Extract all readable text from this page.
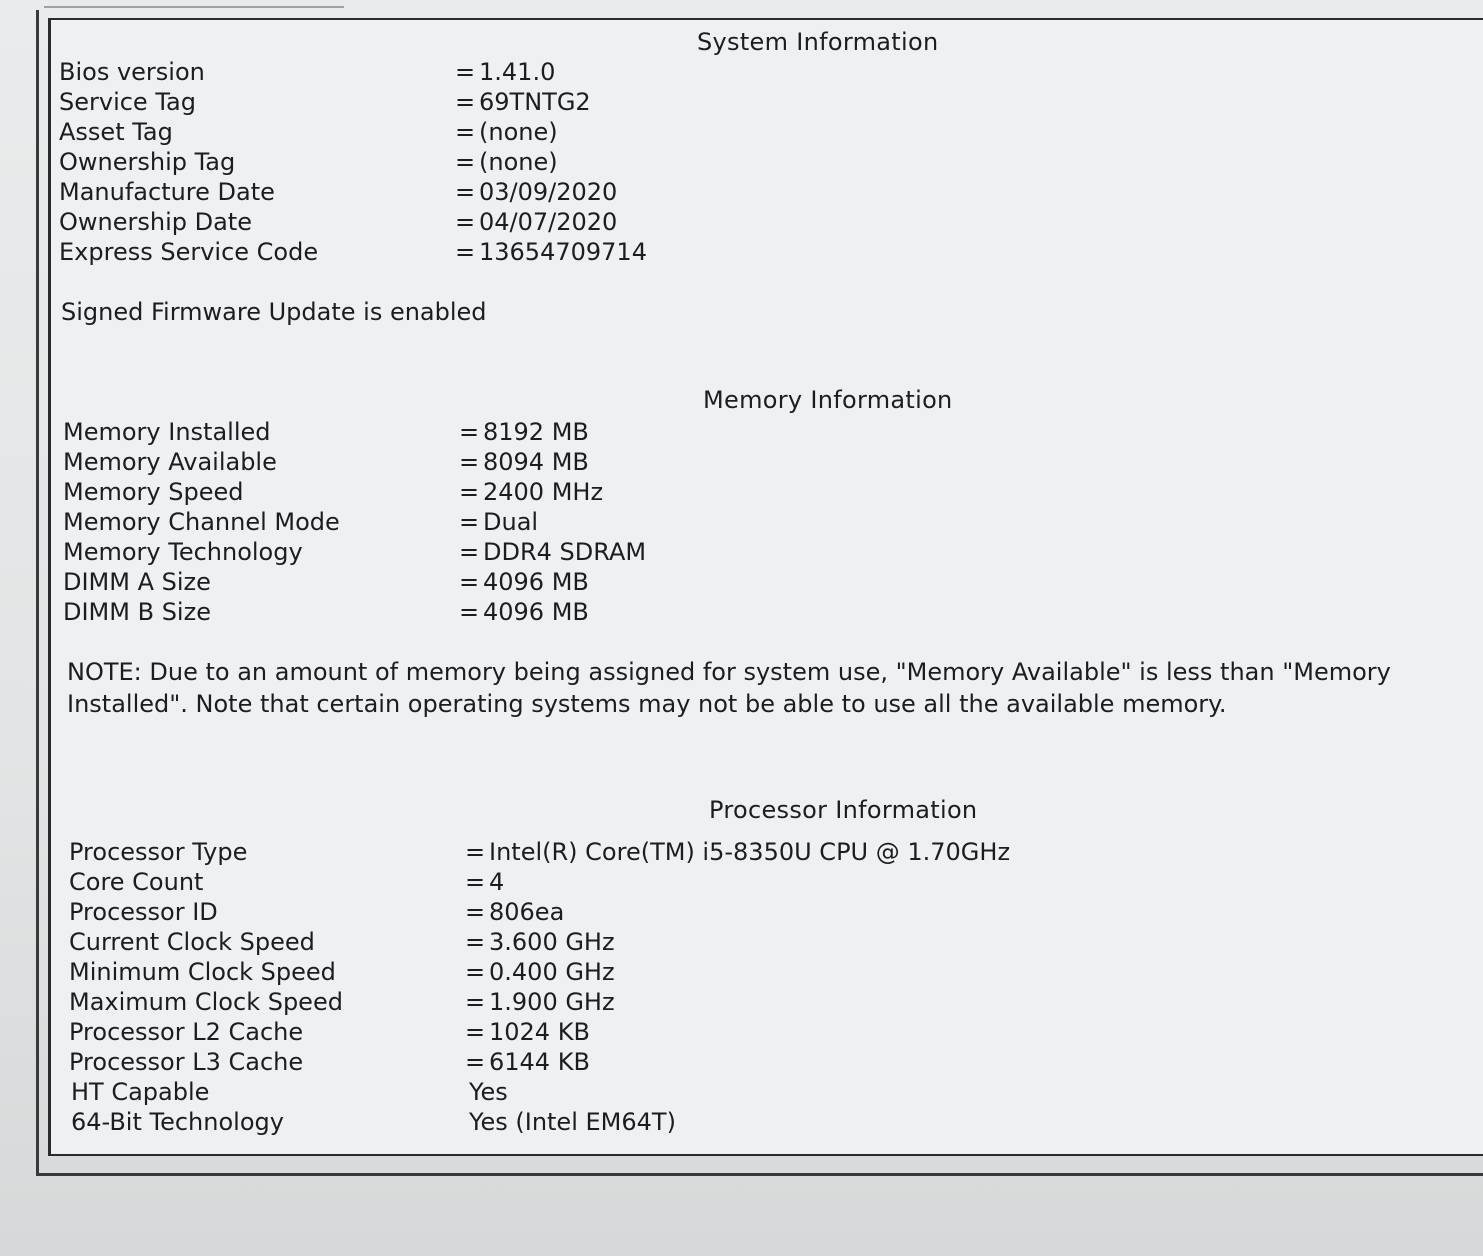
System Information
Bios version	= 1.41.0
Service Tag	= 69TNTG2
Asset Tag	= (none)
Ownership Tag	= (none)
Manufacture Date	= 03/09/2020
Ownership Date	= 04/07/2020
Express Service Code	= 13654709714
Signed Firmware Update is enabled
Memory Information
Memory Installed	= 8192 MB
Memory Available	= 8094 MB
Memory Speed	= 2400 MHz
Memory Channel Mode	= Dual
Memory Technology	= DDR4 SDRAM
DIMM A Size	= 4096 MB
DIMM B Size	= 4096 MB
NOTE: Due to an amount of memory being assigned for system use, "Memory Available" is less than "Memory Installed". Note that certain operating systems may not be able to use all the available memory.
Processor Information
Processor Type	= Intel(R) Core(TM) i5-8350U CPU @ 1.70GHz
Core Count	= 4
Processor ID	= 806ea
Current Clock Speed	= 3.600 GHz
Minimum Clock Speed	= 0.400 GHz
Maximum Clock Speed	= 1.900 GHz
Processor L2 Cache	= 1024 KB
Processor L3 Cache	= 6144 KB
HT Capable	Yes
64-Bit Technology	Yes (Intel EM64T)
